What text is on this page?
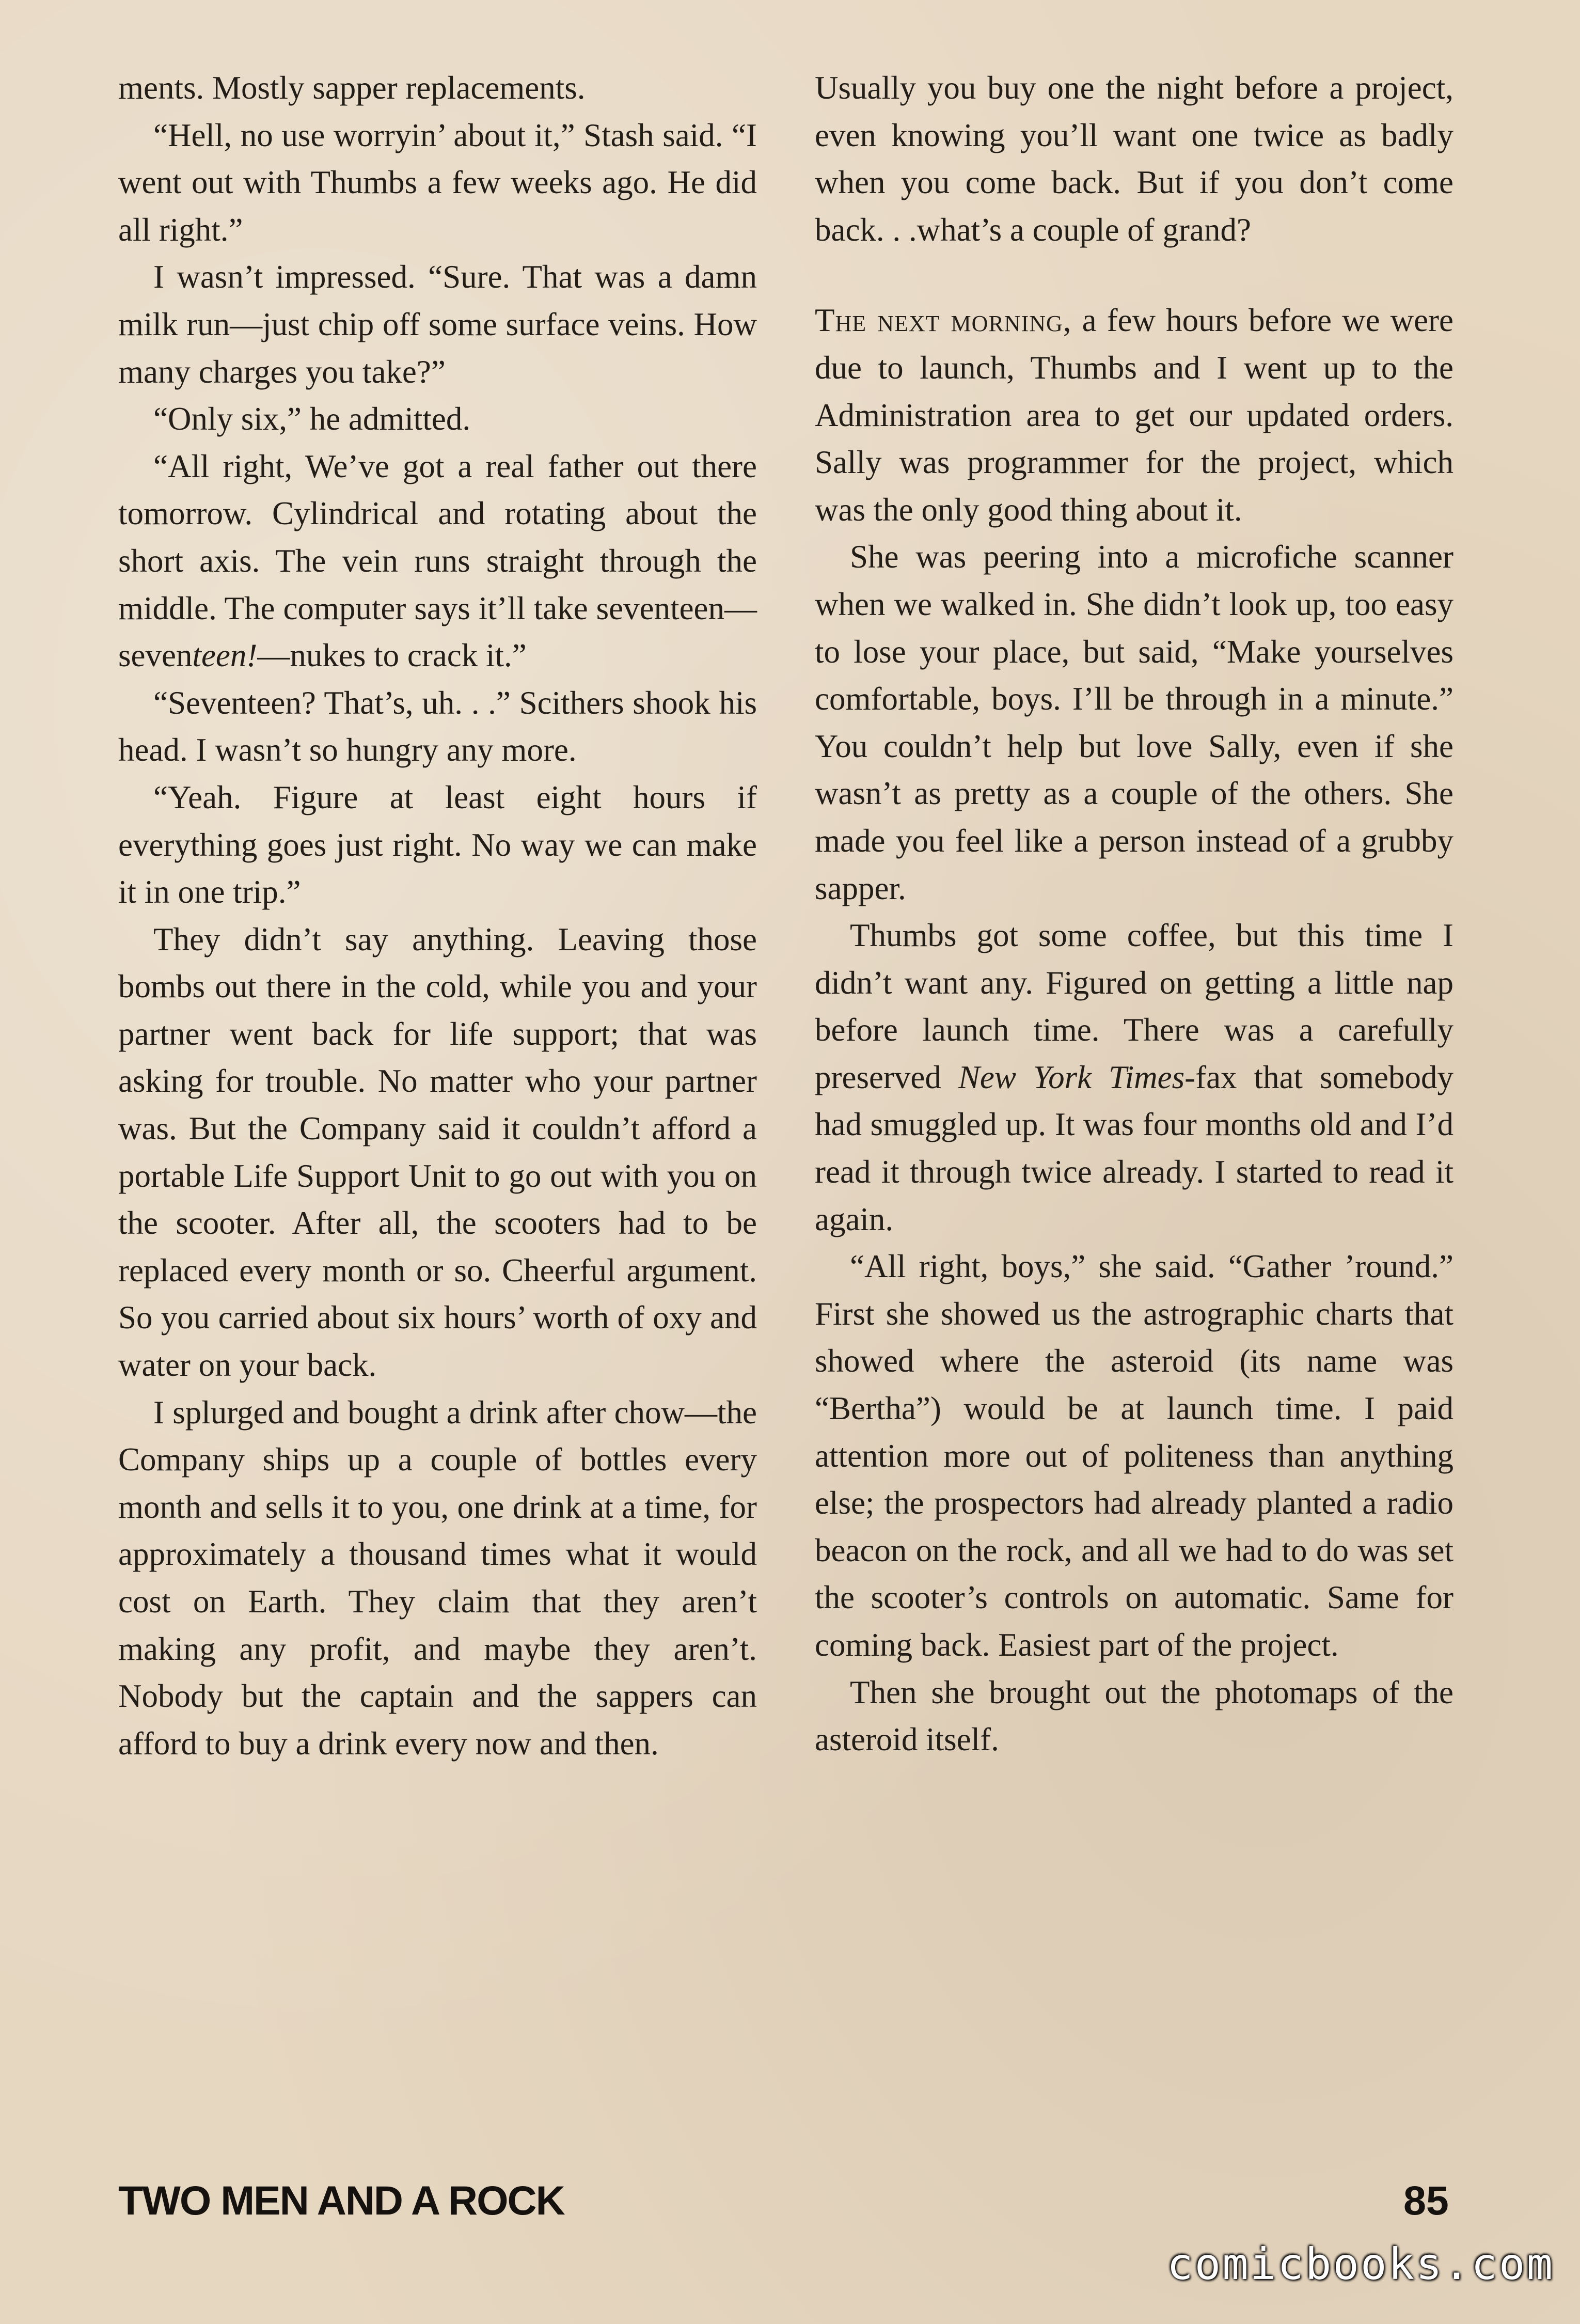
ments. Mostly sapper replacements.

“Hell, no use worryin’ about it,” Stash said. “I went out with Thumbs a few weeks ago. He did all right.”

I wasn’t impressed. “Sure. That was a damn milk run—just chip off some surface veins. How many charges you take?”

“Only six,” he admitted.

“All right, We’ve got a real father out there tomorrow. Cylindrical and rotating about the short axis. The vein runs straight through the middle. The computer says it’ll take seventeen—seventeen!—nukes to crack it.”

“Seventeen? That’s, uh. . .” Scithers shook his head. I wasn’t so hungry any more.

“Yeah. Figure at least eight hours if everything goes just right. No way we can make it in one trip.”

They didn’t say anything. Leaving those bombs out there in the cold, while you and your partner went back for life support; that was asking for trouble. No matter who your partner was. But the Company said it couldn’t afford a portable Life Support Unit to go out with you on the scooter. After all, the scooters had to be replaced every month or so. Cheerful argument. So you carried about six hours’ worth of oxy and water on your back.

I splurged and bought a drink after chow—the Company ships up a couple of bottles every month and sells it to you, one drink at a time, for approximately a thousand times what it would cost on Earth. They claim that they aren’t making any profit, and maybe they aren’t. Nobody but the captain and the sappers can afford to buy a drink every now and then.

Usually you buy one the night before a project, even knowing you’ll want one twice as badly when you come back. But if you don’t come back. . .what’s a couple of grand?

The next morning, a few hours before we were due to launch, Thumbs and I went up to the Administration area to get our updated orders. Sally was programmer for the project, which was the only good thing about it.

She was peering into a microfiche scanner when we walked in. She didn’t look up, too easy to lose your place, but said, “Make yourselves comfortable, boys. I’ll be through in a minute.” You couldn’t help but love Sally, even if she wasn’t as pretty as a couple of the others. She made you feel like a person instead of a grubby sapper.

Thumbs got some coffee, but this time I didn’t want any. Figured on getting a little nap before launch time. There was a carefully preserved New York Times-fax that somebody had smuggled up. It was four months old and I’d read it through twice already. I started to read it again.

“All right, boys,” she said. “Gather ’round.” First she showed us the astrographic charts that showed where the asteroid (its name was “Bertha”) would be at launch time. I paid attention more out of politeness than anything else; the prospectors had already planted a radio beacon on the rock, and all we had to do was set the scooter’s controls on automatic. Same for coming back. Easiest part of the project.

Then she brought out the photomaps of the asteroid itself.

TWO MEN AND A ROCK	85
comicbooks.com
